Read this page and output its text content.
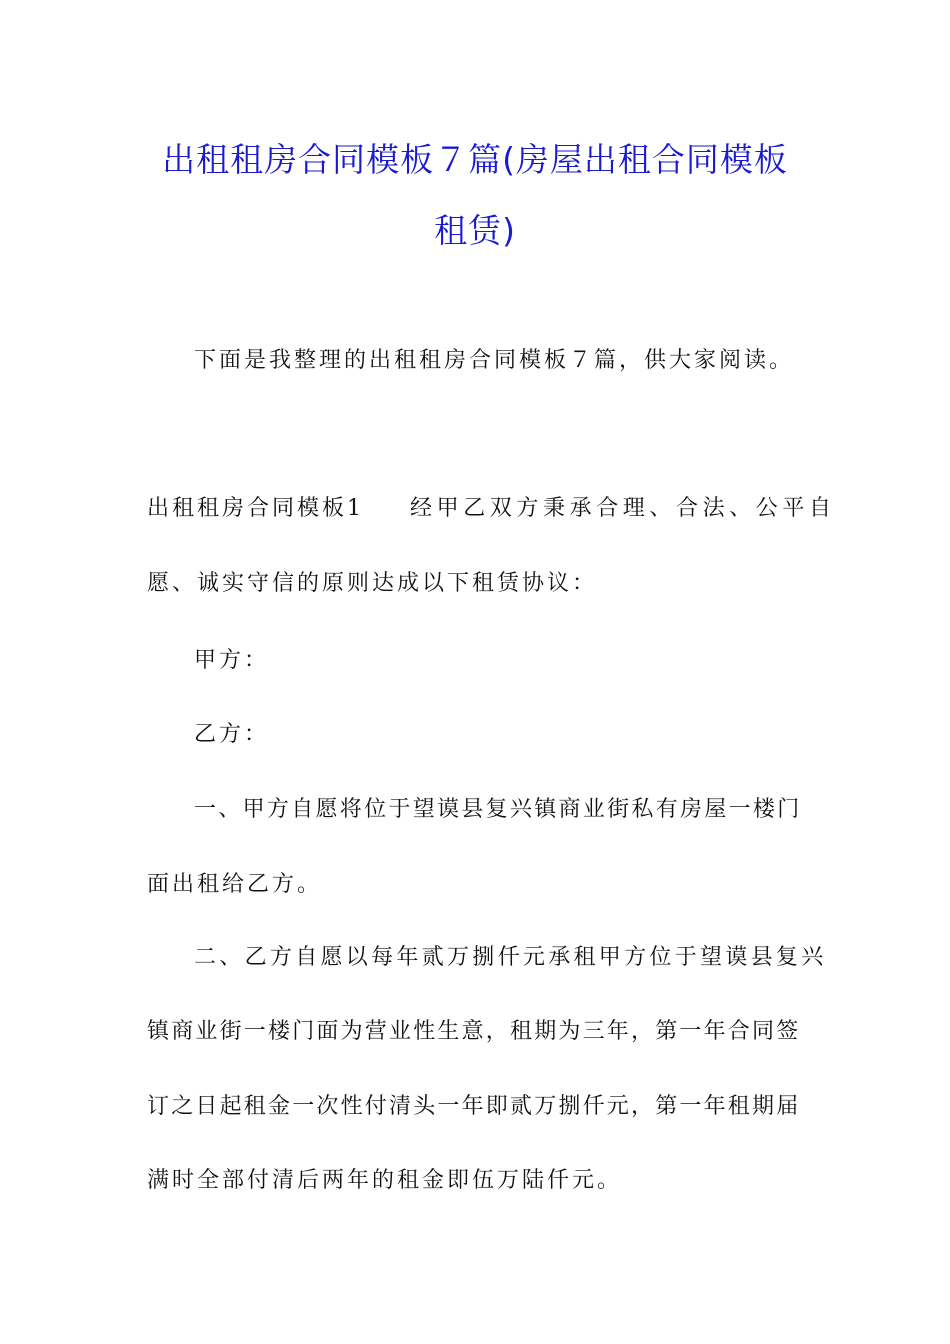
出租租房合同模板７篇(房屋出租合同模板
租赁)
下面是我整理的出租租房合同模板７篇，供大家阅读。
出租租房合同模板1 经甲乙双方秉承合理、合法、公平自
愿、诚实守信的原则达成以下租赁协议：
甲方：
乙方：
一、甲方自愿将位于望谟县复兴镇商业街私有房屋一楼门
面出租给乙方。
二、乙方自愿以每年贰万捌仟元承租甲方位于望谟县复兴
镇商业街一楼门面为营业性生意，租期为三年，第一年合同签
订之日起租金一次性付清头一年即贰万捌仟元，第一年租期届
满时全部付清后两年的租金即伍万陆仟元。
